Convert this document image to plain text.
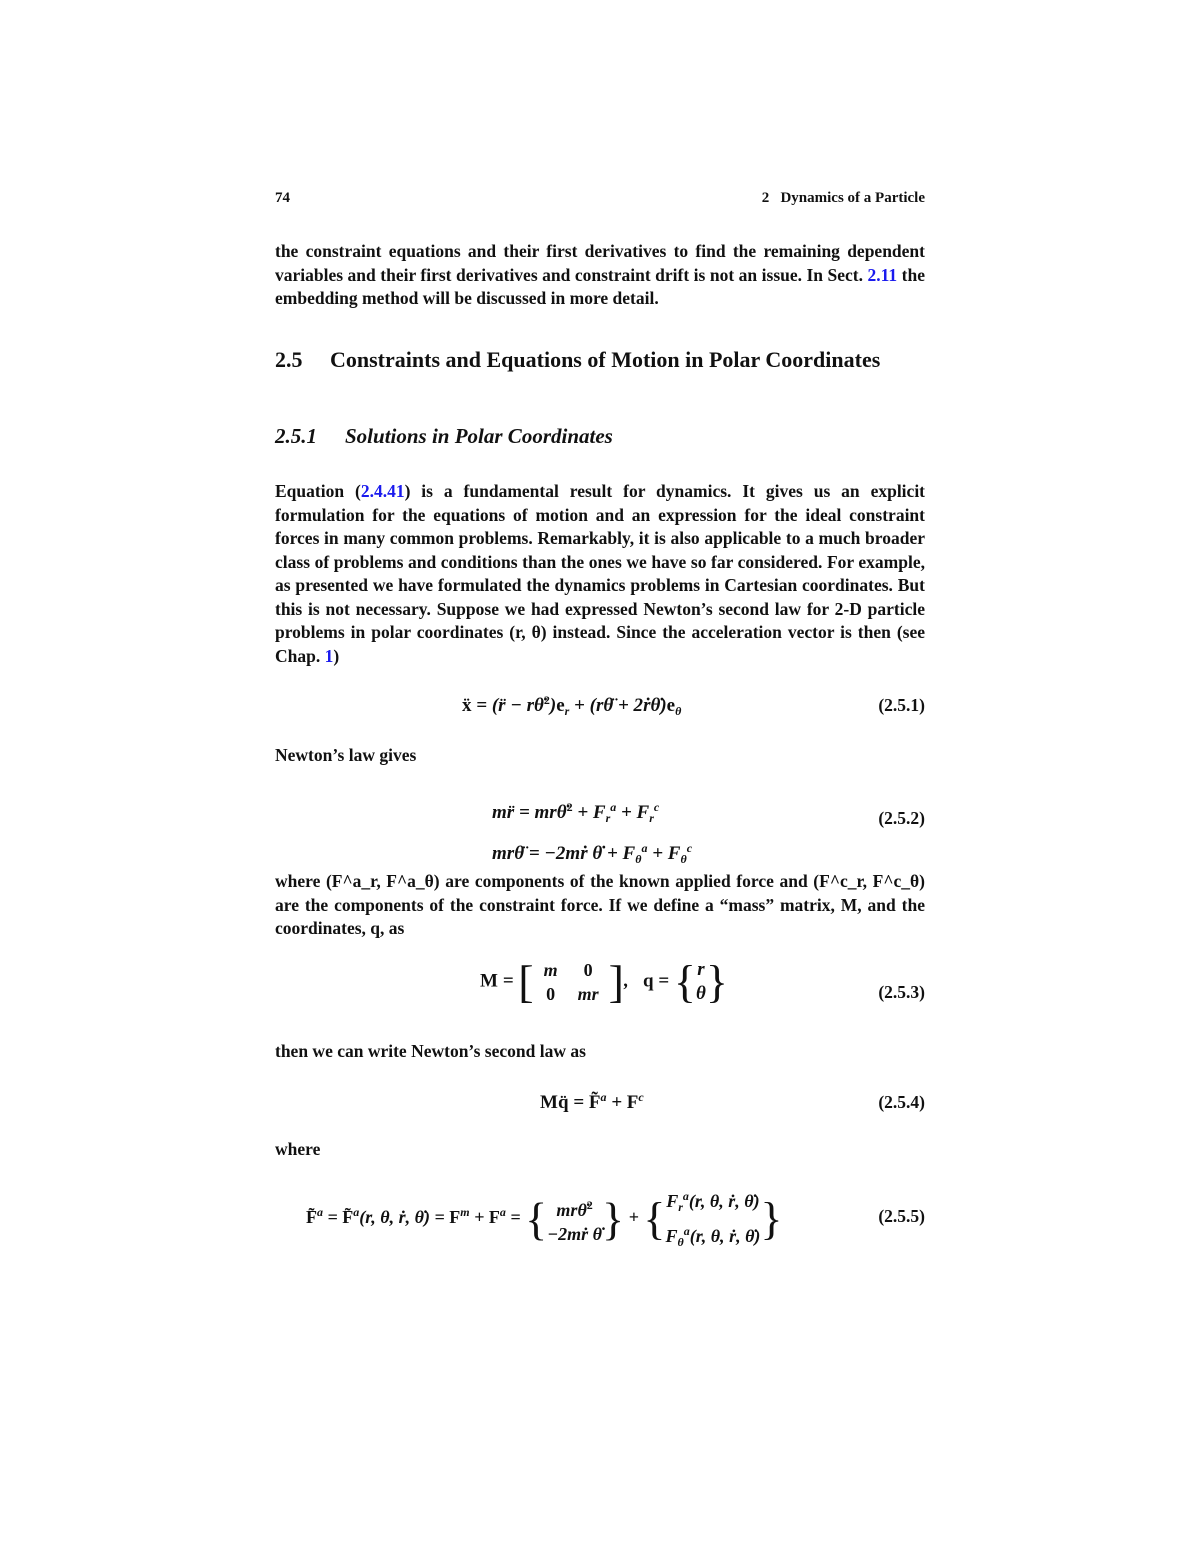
74	2   Dynamics of a Particle
the constraint equations and their first derivatives to find the remaining dependent variables and their first derivatives and constraint drift is not an issue. In Sect. 2.11 the embedding method will be discussed in more detail.
2.5 Constraints and Equations of Motion in Polar Coordinates
2.5.1 Solutions in Polar Coordinates
Equation (2.4.41) is a fundamental result for dynamics. It gives us an explicit formulation for the equations of motion and an expression for the ideal constraint forces in many common problems. Remarkably, it is also applicable to a much broader class of problems and conditions than the ones we have so far considered. For example, as presented we have formulated the dynamics problems in Cartesian coordinates. But this is not necessary. Suppose we had expressed Newton’s second law for 2-D particle problems in polar coordinates (r, θ) instead. Since the acceleration vector is then (see Chap. 1)
ẍ = (r̈ − $r\thetȧ^2)e_r$ + (rθ̈ + $2ṙ\thetȧ)e_\theta$	(2.5.1)
Newton’s law gives
mr̈ = mrθ̇$^2$ + $F_r^a + F_r^c$
mrθ̈ = −2mṙ θ̇ + $F_\theta^a + F_\theta^c$
(2.5.2)
where (F^a_r, F^a_θ) are components of the known applied force and (F^c_r, F^c_θ) are the components of the constraint force. If we define a “mass” matrix, M, and the coordinates, q, as
M = [ m	0
0	mr ],   q = {r
θ}	(2.5.3)
then we can write Newton’s second law as
Mq̈ = F̃$^a$ + $F^c$	(2.5.4)
where
F̃$^a$ = F̃$^a$(r, θ, ṙ, θ̇) = $F^m + F^a$ = { mrθ̇$^2$
−2mṙ θ̇} + {$F_r^a(r$, θ, ṙ, θ̇)
$F_\theta^a(r$, θ, ṙ, θ̇)}	(2.5.5)
